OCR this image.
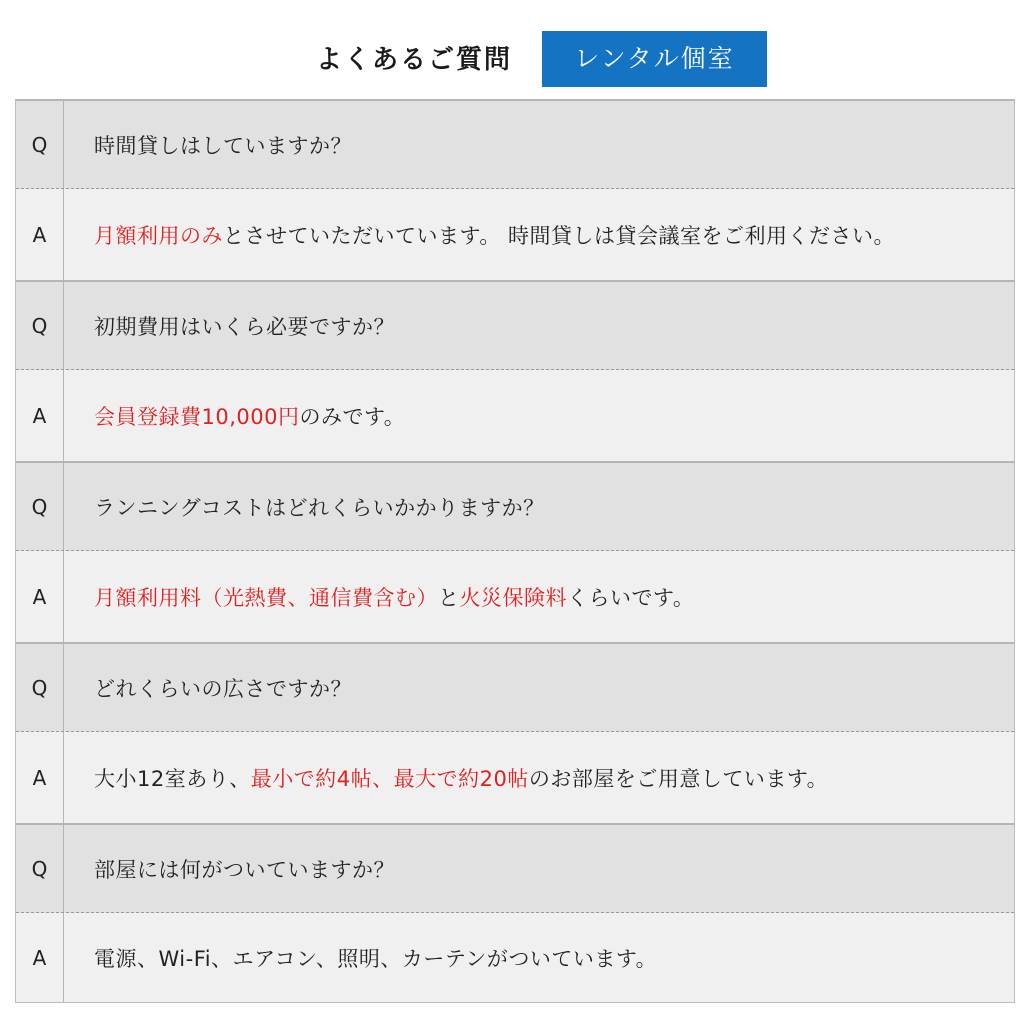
よくあるご質問	レンタル個室
Q	時間貸しはしていますか？
A	月額利用のみ とさせていただいています。 時間貸しは貸会議室をご利用ください。
Q	初期費用はいくら必要ですか？
A	会員登録費10,000円 のみです。
Q	ランニングコストはどれくらいかかりますか？
A	月額利用料（光熱費、通信費含む） と 火災保険料 くらいです。
Q	どれくらいの広さですか？
A	大小12室あり、 最小で約4帖、最大で約20帖 のお部屋をご用意しています。
Q	部屋には何がついていますか？
A	電源、Wi-Fi、エアコン、照明、カーテンがついています。
